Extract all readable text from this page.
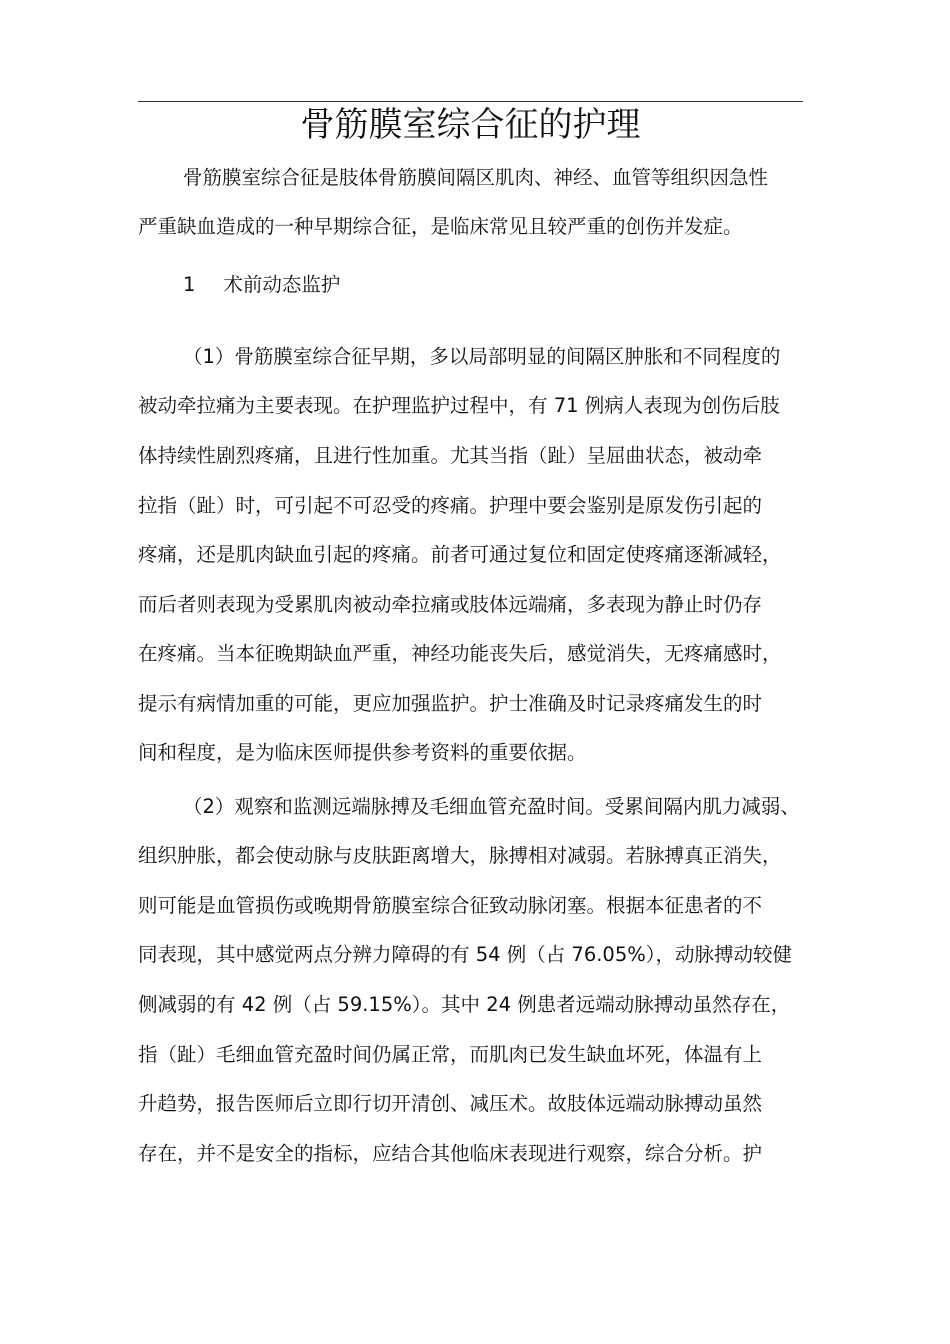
骨筋膜室综合征的护理

骨筋膜室综合征是肢体骨筋膜间隔区肌肉、神经、血管等组织因急性

严重缺血造成的一种早期综合征，是临床常见且较严重的创伤并发症。

1 术前动态监护

（1）骨筋膜室综合征早期，多以局部明显的间隔区肿胀和不同程度的

被动牵拉痛为主要表现。在护理监护过程中，有 71 例病人表现为创伤后肢

体持续性剧烈疼痛，且进行性加重。尤其当指（趾）呈屈曲状态，被动牵

拉指（趾）时，可引起不可忍受的疼痛。护理中要会鉴别是原发伤引起的

疼痛，还是肌肉缺血引起的疼痛。前者可通过复位和固定使疼痛逐渐减轻，

而后者则表现为受累肌肉被动牵拉痛或肢体远端痛，多表现为静止时仍存

在疼痛。当本征晚期缺血严重，神经功能丧失后，感觉消失，无疼痛感时，

提示有病情加重的可能，更应加强监护。护士准确及时记录疼痛发生的时

间和程度，是为临床医师提供参考资料的重要依据。

（2）观察和监测远端脉搏及毛细血管充盈时间。受累间隔内肌力减弱、

组织肿胀，都会使动脉与皮肤距离增大，脉搏相对减弱。若脉搏真正消失，

则可能是血管损伤或晚期骨筋膜室综合征致动脉闭塞。根据本征患者的不

同表现，其中感觉两点分辨力障碍的有 54 例（占 76.05%），动脉搏动较健

侧减弱的有 42 例（占 59.15%）。其中 24 例患者远端动脉搏动虽然存在，

指（趾）毛细血管充盈时间仍属正常，而肌肉已发生缺血坏死，体温有上

升趋势，报告医师后立即行切开清创、减压术。故肢体远端动脉搏动虽然

存在，并不是安全的指标，应结合其他临床表现进行观察，综合分析。护
